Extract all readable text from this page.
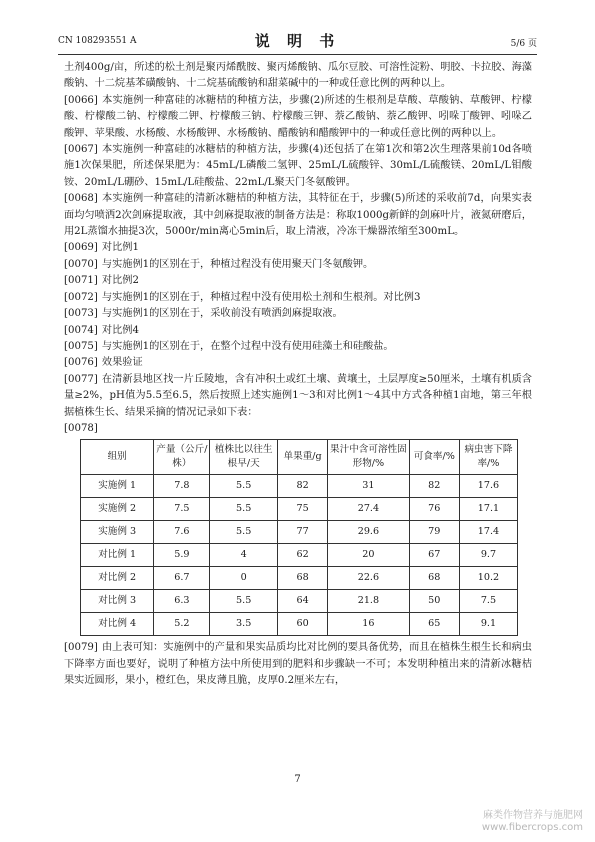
CN 108293551 A	说 明 书	5/6 页

土剂400g/亩，所述的松土剂是聚丙烯酰胺、聚丙烯酸钠、瓜尔豆胶、可溶性淀粉、明胶、卡拉胶、海藻酸钠、十二烷基苯磺酸钠、十二烷基硫酸钠和甜菜碱中的一种或任意比例的两种以上。

[0066] 本实施例一种富硅的冰糖桔的种植方法，步骤(2)所述的生根剂是草酸、草酸钠、草酸钾、柠檬酸、柠檬酸二钠、柠檬酸二钾、柠檬酸三钠、柠檬酸三钾、萘乙酸钠、萘乙酸钾、吲哚丁酸钾、吲哚乙酸钾、苹果酸、水杨酸、水杨酸钾、水杨酸钠、醋酸钠和醋酸钾中的一种或任意比例的两种以上。

[0067] 本实施例一种富硅的冰糖桔的种植方法，步骤(4)还包括了在第1次和第2次生理落果前10d各喷施1次保果肥，所述保果肥为：45mL/L磷酸二氢钾、25mL/L硫酸锌、30mL/L硫酸镁、20mL/L钼酸铵、20mL/L硼砂、15mL/L硅酸盐、22mL/L聚天门冬氨酸钾。

[0068] 本实施例一种富硅的清新冰糖桔的种植方法，其特征在于，步骤(5)所述的采收前7d，向果实表面均匀喷洒2次剑麻提取液，其中剑麻提取液的制备方法是：称取1000g新鲜的剑麻叶片，液氮研磨后，用2L蒸馏水抽提3次，5000r/min离心5min后，取上清液，冷冻干燥器浓缩至300mL。

[0069] 对比例1

[0070] 与实施例1的区别在于，种植过程没有使用聚天门冬氨酸钾。

[0071] 对比例2

[0072] 与实施例1的区别在于，种植过程中没有使用松土剂和生根剂。对比例3

[0073] 与实施例1的区别在于，采收前没有喷洒剑麻提取液。

[0074] 对比例4

[0075] 与实施例1的区别在于，在整个过程中没有使用硅藻土和硅酸盐。

[0076] 效果验证

[0077] 在清新县地区找一片丘陵地，含有冲积土或红土壤、黄壤土，土层厚度≥50厘米，土壤有机质含量≥2%，pH值为5.5至6.5，然后按照上述实施例1～3和对比例1～4其中方式各种植1亩地，第三年根据植株生长、结果采摘的情况记录如下表：

[0078]

组别	产量（公斤/株）	植株比以往生根早/天	单果重/g	果汁中含可溶性固形物/%	可食率/%	病虫害下降率/%
实施例 1	7.8	5.5	82	31	82	17.6
实施例 2	7.5	5.5	75	27.4	76	17.1
实施例 3	7.6	5.5	77	29.6	79	17.4
对比例 1	5.9	4	62	20	67	9.7
对比例 2	6.7	0	68	22.6	68	10.2
对比例 3	6.3	5.5	64	21.8	50	7.5
对比例 4	5.2	3.5	60	16	65	9.1

[0079] 由上表可知：实施例中的产量和果实品质均比对比例的要具备优势，而且在植株生根生长和病虫下降率方面也要好，说明了种植方法中所使用到的肥料和步骤缺一不可；本发明种植出来的清新冰糖桔果实近圆形，果小，橙红色，果皮薄且脆，皮厚0.2厘米左右，

7
麻类作物营养与施肥网
www.fibercrops.com
